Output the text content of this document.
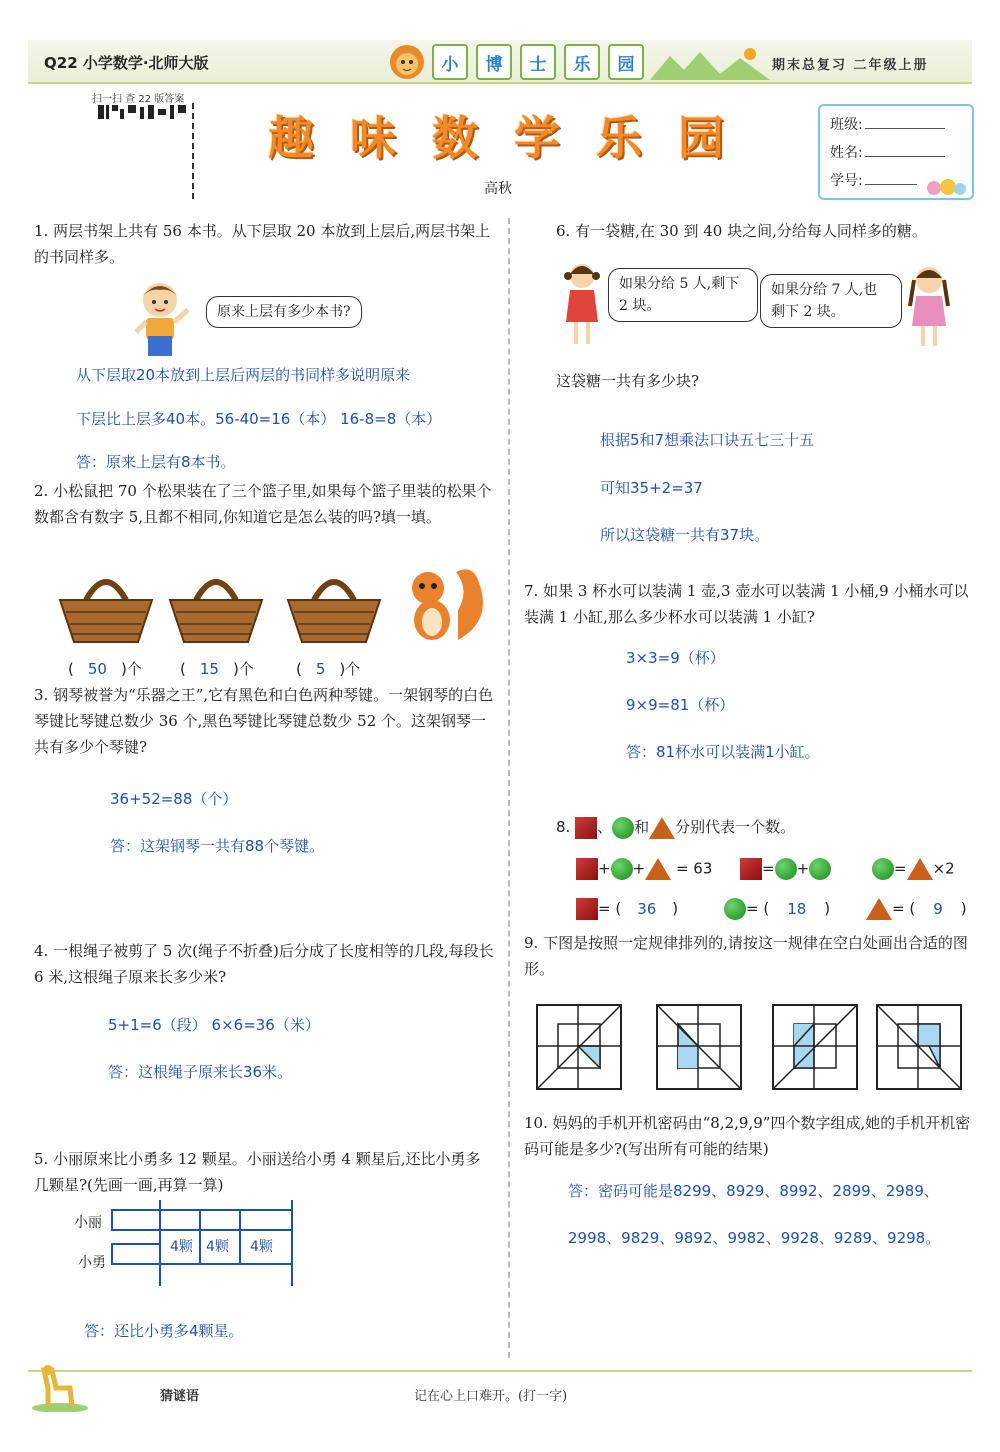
Q22 小学数学·北师大版	小	博	士	乐	园	期末总复习 二年级上册
扫一扫 查 22 版答案
趣味数学乐园
高秋
班级:
姓名:
学号:
1. 两层书架上共有 56 本书。从下层取 20 本放到上层后,两层书架上的书同样多。
原来上层有多少本书?
从下层取20本放到上层后两层的书同样多说明原来
下层比上层多40本。56-40=16（本） 16-8=8（本）
答：原来上层有8本书。
2. 小松鼠把 70 个松果装在了三个篮子里,如果每个篮子里装的松果个数都含有数字 5,且都不相同,你知道它是怎么装的吗?填一填。
( 50 )个	( 15 )个	( 5 )个
3. 钢琴被誉为“乐器之王”,它有黑色和白色两种琴键。一架钢琴的白色琴键比琴键总数少 36 个,黑色琴键比琴键总数少 52 个。这架钢琴一共有多少个琴键?
36+52=88（个）
答：这架钢琴一共有88个琴键。
4. 一根绳子被剪了 5 次(绳子不折叠)后分成了长度相等的几段,每段长 6 米,这根绳子原来长多少米?
5+1=6（段） 6×6=36（米）
答：这根绳子原来长36米。
5. 小丽原来比小勇多 12 颗星。小丽送给小勇 4 颗星后,还比小勇多几颗星?(先画一画,再算一算)
小丽
小勇
4颗 4颗 4颗
答：还比小勇多4颗星。
6. 有一袋糖,在 30 到 40 块之间,分给每人同样多的糖。
如果分给 5 人,剩下 2 块。
如果分给 7 人,也剩下 2 块。
这袋糖一共有多少块?
根据5和7想乘法口诀五七三十五
可知35+2=37
所以这袋糖一共有37块。
7. 如果 3 杯水可以装满 1 壶,3 壶水可以装满 1 小桶,9 小桶水可以装满 1 小缸,那么多少杯水可以装满 1 小缸?
3×3=9（杯）
9×9=81（杯）
答：81杯水可以装满1小缸。
8. 、 和 分别代表一个数。
+ + = 63	= +	= ×2
= ( 36 )	= ( 18 )	= ( 9 )
9. 下图是按照一定规律排列的,请按这一规律在空白处画出合适的图形。
10. 妈妈的手机开机密码由“8,2,9,9”四个数字组成,她的手机开机密码可能是多少?(写出所有可能的结果)
答：密码可能是8299、8929、8992、2899、2989、
2998、9829、9892、9982、9928、9289、9298。
猜谜语	记在心上口难开。(打一字)
